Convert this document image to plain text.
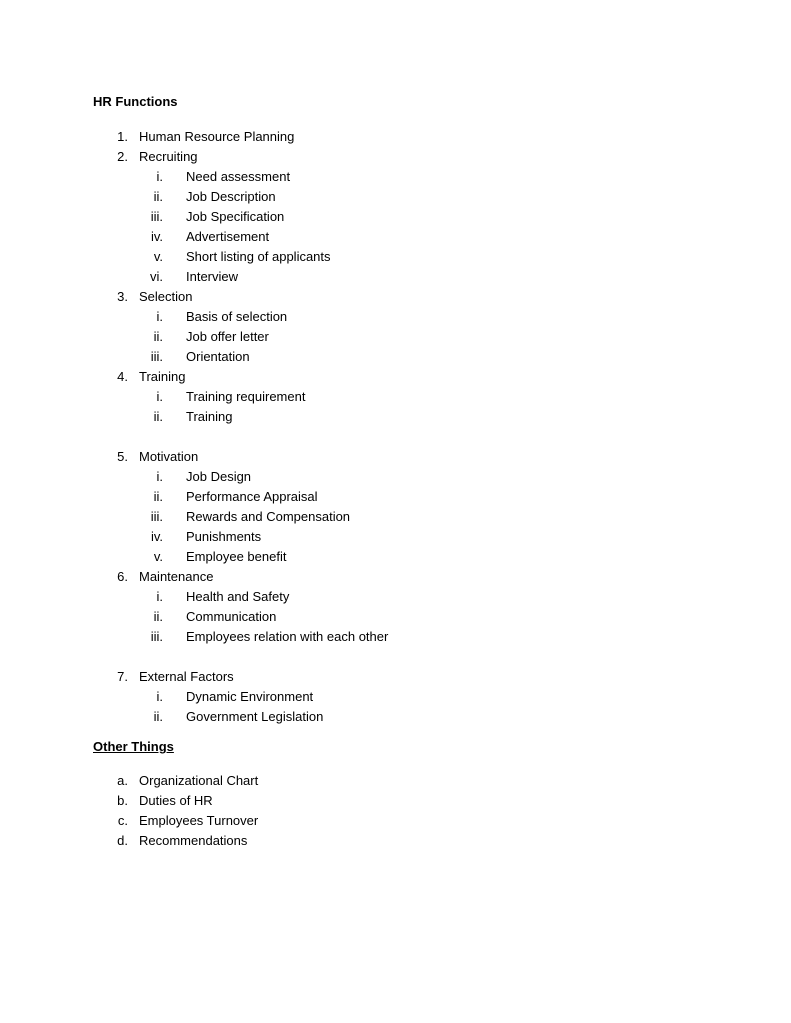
HR Functions
1. Human Resource Planning
2. Recruiting
i. Need assessment
ii. Job Description
iii. Job Specification
iv. Advertisement
v. Short listing of applicants
vi. Interview
3. Selection
i. Basis of selection
ii. Job offer letter
iii. Orientation
4. Training
i. Training requirement
ii. Training
5. Motivation
i. Job Design
ii. Performance Appraisal
iii. Rewards and Compensation
iv. Punishments
v. Employee benefit
6. Maintenance
i. Health and Safety
ii. Communication
iii. Employees relation with each other
7. External Factors
i. Dynamic Environment
ii. Government Legislation
Other Things
a. Organizational Chart
b. Duties of HR
c. Employees Turnover
d. Recommendations
